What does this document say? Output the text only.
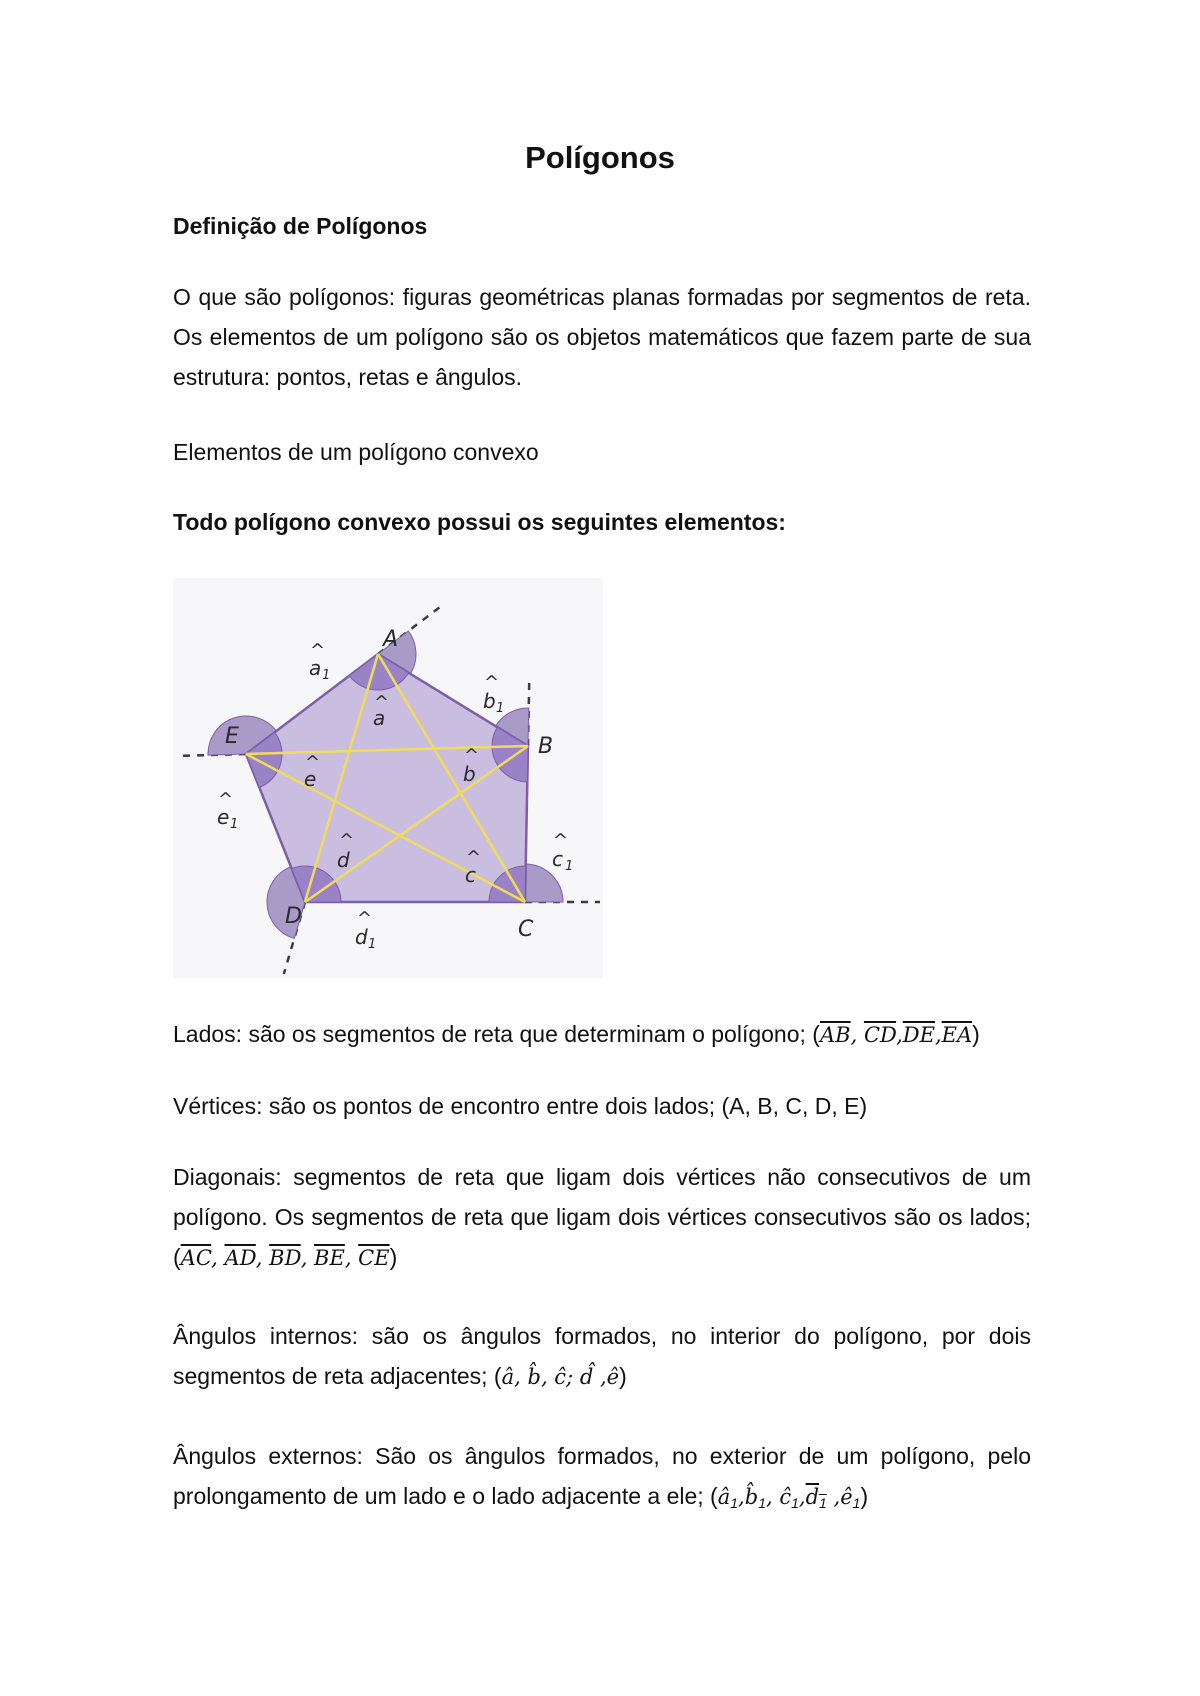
Polígonos

Definição de Polígonos

O que são polígonos: figuras geométricas planas formadas por segmentos de reta. Os elementos de um polígono são os objetos matemáticos que fazem parte de sua estrutura: pontos, retas e ângulos.

Elementos de um polígono convexo

Todo polígono convexo possui os seguintes elementos:

A
B
C
D
E
^
a
^
b
^
c
^
d
^
e
^
a 1	^
b 1
^
c 1
^
d 1
^
e 1

Lados: são os segmentos de reta que determinam o polígono; ($\overline{AB}$, $\overline{CD},\overline{DE},\overline{EA}$)

Vértices: são os pontos de encontro entre dois lados; (A, B, C, D, E)

Diagonais: segmentos de reta que ligam dois vértices não consecutivos de um polígono. Os segmentos de reta que ligam dois vértices consecutivos são os lados; ($\overline{AC}$, $\overline{AD}$, $\overline{BD}$, $\overline{BE}$, $\overline{CE}$)

Ângulos internos: são os ângulos formados, no interior do polígono, por dois segmentos de reta adjacentes; (â, b̂, ĉ; d̂ ,ê)

Ângulos externos: São os ângulos formados, no exterior de um polígono, pelo prolongamento de um lado e o lado adjacente a ele; ($â_1,b̂_1$, $ĉ_1,\overline{d}_1$ $,ê_1$)
